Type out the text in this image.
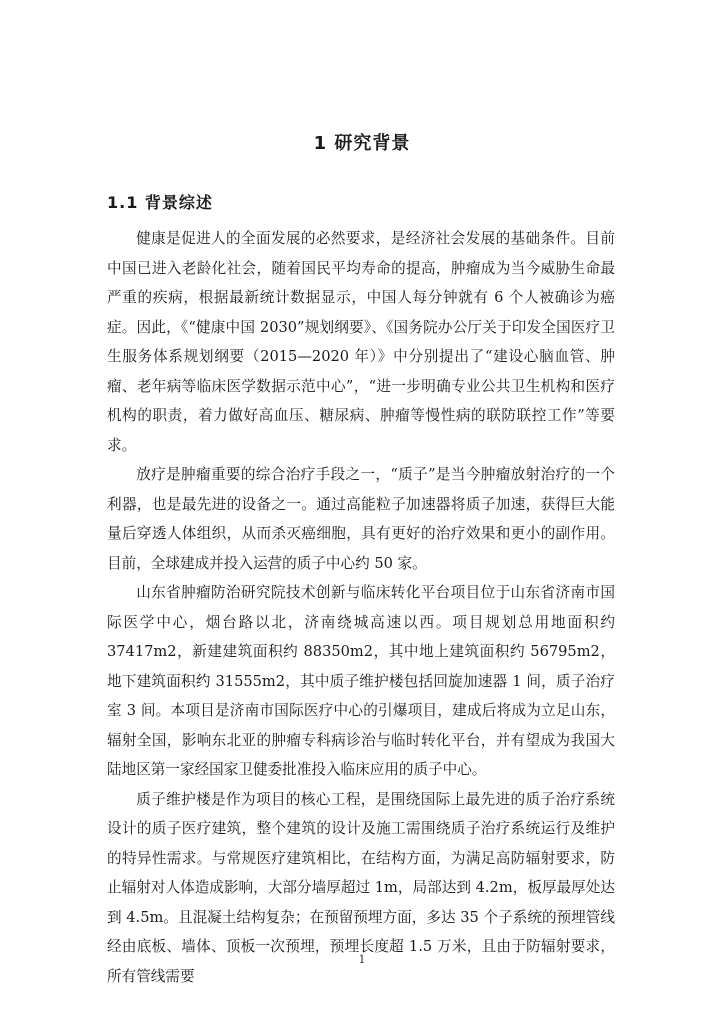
1 研究背景
1.1 背景综述

健康是促进人的全面发展的必然要求，是经济社会发展的基础条件。目前中国已进入老龄化社会，随着国民平均寿命的提高，肿瘤成为当今威胁生命最严重的疾病，根据最新统计数据显示，中国人每分钟就有 6 个人被确诊为癌症。因此，《“健康中国 2030”规划纲要》、《国务院办公厅关于印发全国医疗卫生服务体系规划纲要（2015—2020 年）》中分别提出了“建设心脑血管、肿瘤、老年病等临床医学数据示范中心”，“进一步明确专业公共卫生机构和医疗机构的职责，着力做好高血压、糖尿病、肿瘤等慢性病的联防联控工作”等要求。

放疗是肿瘤重要的综合治疗手段之一，“质子”是当今肿瘤放射治疗的一个利器，也是最先进的设备之一。通过高能粒子加速器将质子加速，获得巨大能量后穿透人体组织，从而杀灭癌细胞，具有更好的治疗效果和更小的副作用。目前，全球建成并投入运营的质子中心约 50 家。

山东省肿瘤防治研究院技术创新与临床转化平台项目位于山东省济南市国际医学中心，烟台路以北，济南绕城高速以西。项目规划总用地面积约 37417m2，新建建筑面积约 88350m2，其中地上建筑面积约 56795m2，地下建筑面积约 31555m2，其中质子维护楼包括回旋加速器 1 间，质子治疗室 3 间。本项目是济南市国际医疗中心的引爆项目，建成后将成为立足山东，辐射全国，影响东北亚的肿瘤专科病诊治与临时转化平台，并有望成为我国大陆地区第一家经国家卫健委批准投入临床应用的质子中心。

质子维护楼是作为项目的核心工程，是围绕国际上最先进的质子治疗系统设计的质子医疗建筑，整个建筑的设计及施工需围绕质子治疗系统运行及维护的特异性需求。与常规医疗建筑相比，在结构方面，为满足高防辐射要求，防止辐射对人体造成影响，大部分墙厚超过 1m，局部达到 4.2m，板厚最厚处达到 4.5m。且混凝土结构复杂；在预留预埋方面，多达 35 个子系统的预埋管线经由底板、墙体、顶板一次预埋，预埋长度超 1.5 万米，且由于防辐射要求，所有管线需要

1
